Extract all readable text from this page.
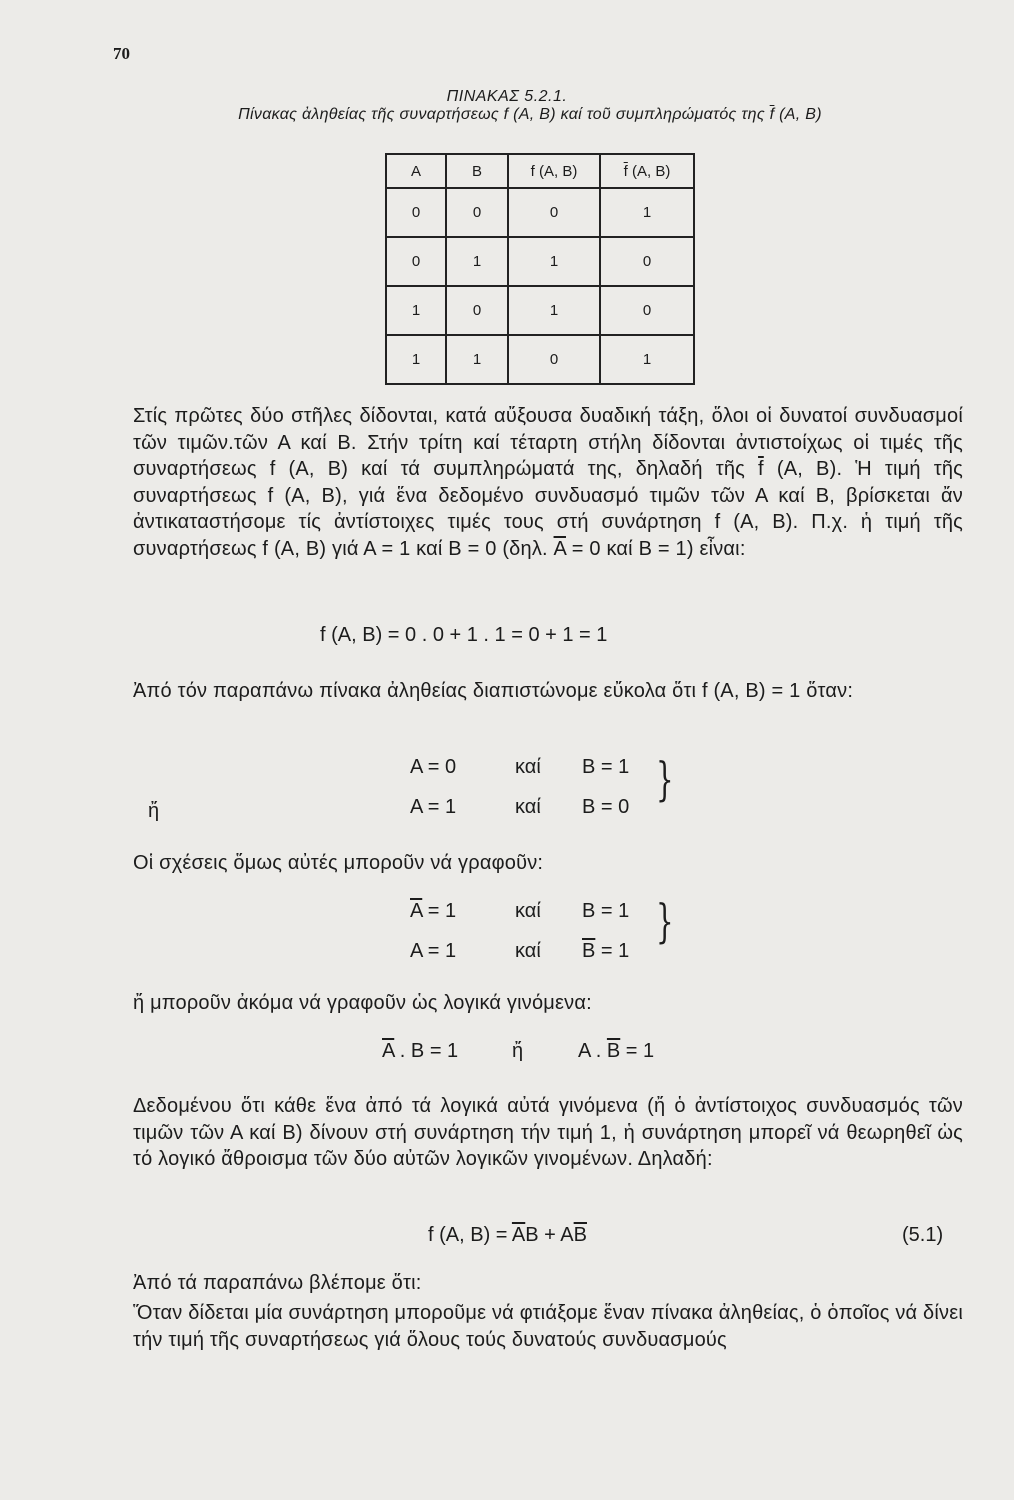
70
ΠΙΝΑΚΑΣ 5.2.1.
Πίνακας ἀληθείας τῆς συναρτήσεως f (A, B) καί τοῦ συμπληρώματός της $\overline{f}$ (A, B)
A	B	f (A, B)	$\overline{f}$ (A, B)
0	0	0	1
0	1	1	0
1	0	1	0
1	1	0	1
Στίς πρῶτες δύο στῆλες δίδονται, κατά αὔξουσα δυαδική τάξη, ὅλοι οἱ δυνατοί συνδυασμοί τῶν τιμῶν.τῶν Α καί Β. Στήν τρίτη καί τέταρτη στήλη δίδονται ἀντιστοίχως οἱ τιμές τῆς συναρτήσεως f (A, B) καί τά συμπληρώματά της, δηλαδή τῆς $\overline{f}$ (A, B). Ἡ τιμή τῆς συναρτήσεως f (A, B), γιά ἕνα δεδομένο συνδυασμό τιμῶν τῶν Α καί Β, βρίσκεται ἄν ἀντικαταστήσομε τίς ἀντίστοιχες τιμές τους στή συνάρτηση f (A, B). Π.χ. ἡ τιμή τῆς συναρτήσεως f (A, B) γιά Α = 1 καί Β = 0 (δηλ. $\overline{A} = 0$ καί B = 1) εἶναι:
f (A, B) = 0 . 0 + 1 . 1 = 0 + 1 = 1
Ἀπό τόν παραπάνω πίνακα ἀληθείας διαπιστώνομε εὔκολα ὅτι f (A, B) = 1 ὅταν:
A = 0	καί B = 1
ἤ	A = 1	καί B = 0
}
Οἱ σχέσεις ὅμως αὐτές μποροῦν νά γραφοῦν:
$\overline{A} = 1$	καί B = 1
A = 1	καί $\overline{B} = 1$
}
ἤ μποροῦν ἀκόμα νά γραφοῦν ὡς λογικά γινόμενα:
$\overline{A}$ . B = 1	ἤ	A . $\overline{B} = 1$
Δεδομένου ὅτι κάθε ἕνα ἀπό τά λογικά αὐτά γινόμενα (ἤ ὁ ἀντίστοιχος συνδυασμός τῶν τιμῶν τῶν Α καί Β) δίνουν στή συνάρτηση τήν τιμή 1, ἡ συνάρτηση μπορεῖ νά θεωρηθεῖ ὡς τό λογικό ἄθροισμα τῶν δύο αὐτῶν λογικῶν γινομένων. Δηλαδή:
f (A, $B) = \overline{A}B + A\overline{B}$	(5.1)
Ἀπό τά παραπάνω βλέπομε ὅτι:
Ὅταν δίδεται μία συνάρτηση μποροῦμε νά φτιάξομε ἕναν πίνακα ἀληθείας, ὁ ὁποῖος νά δίνει τήν τιμή τῆς συναρτήσεως γιά ὅλους τούς δυνατούς συνδυασμούς
